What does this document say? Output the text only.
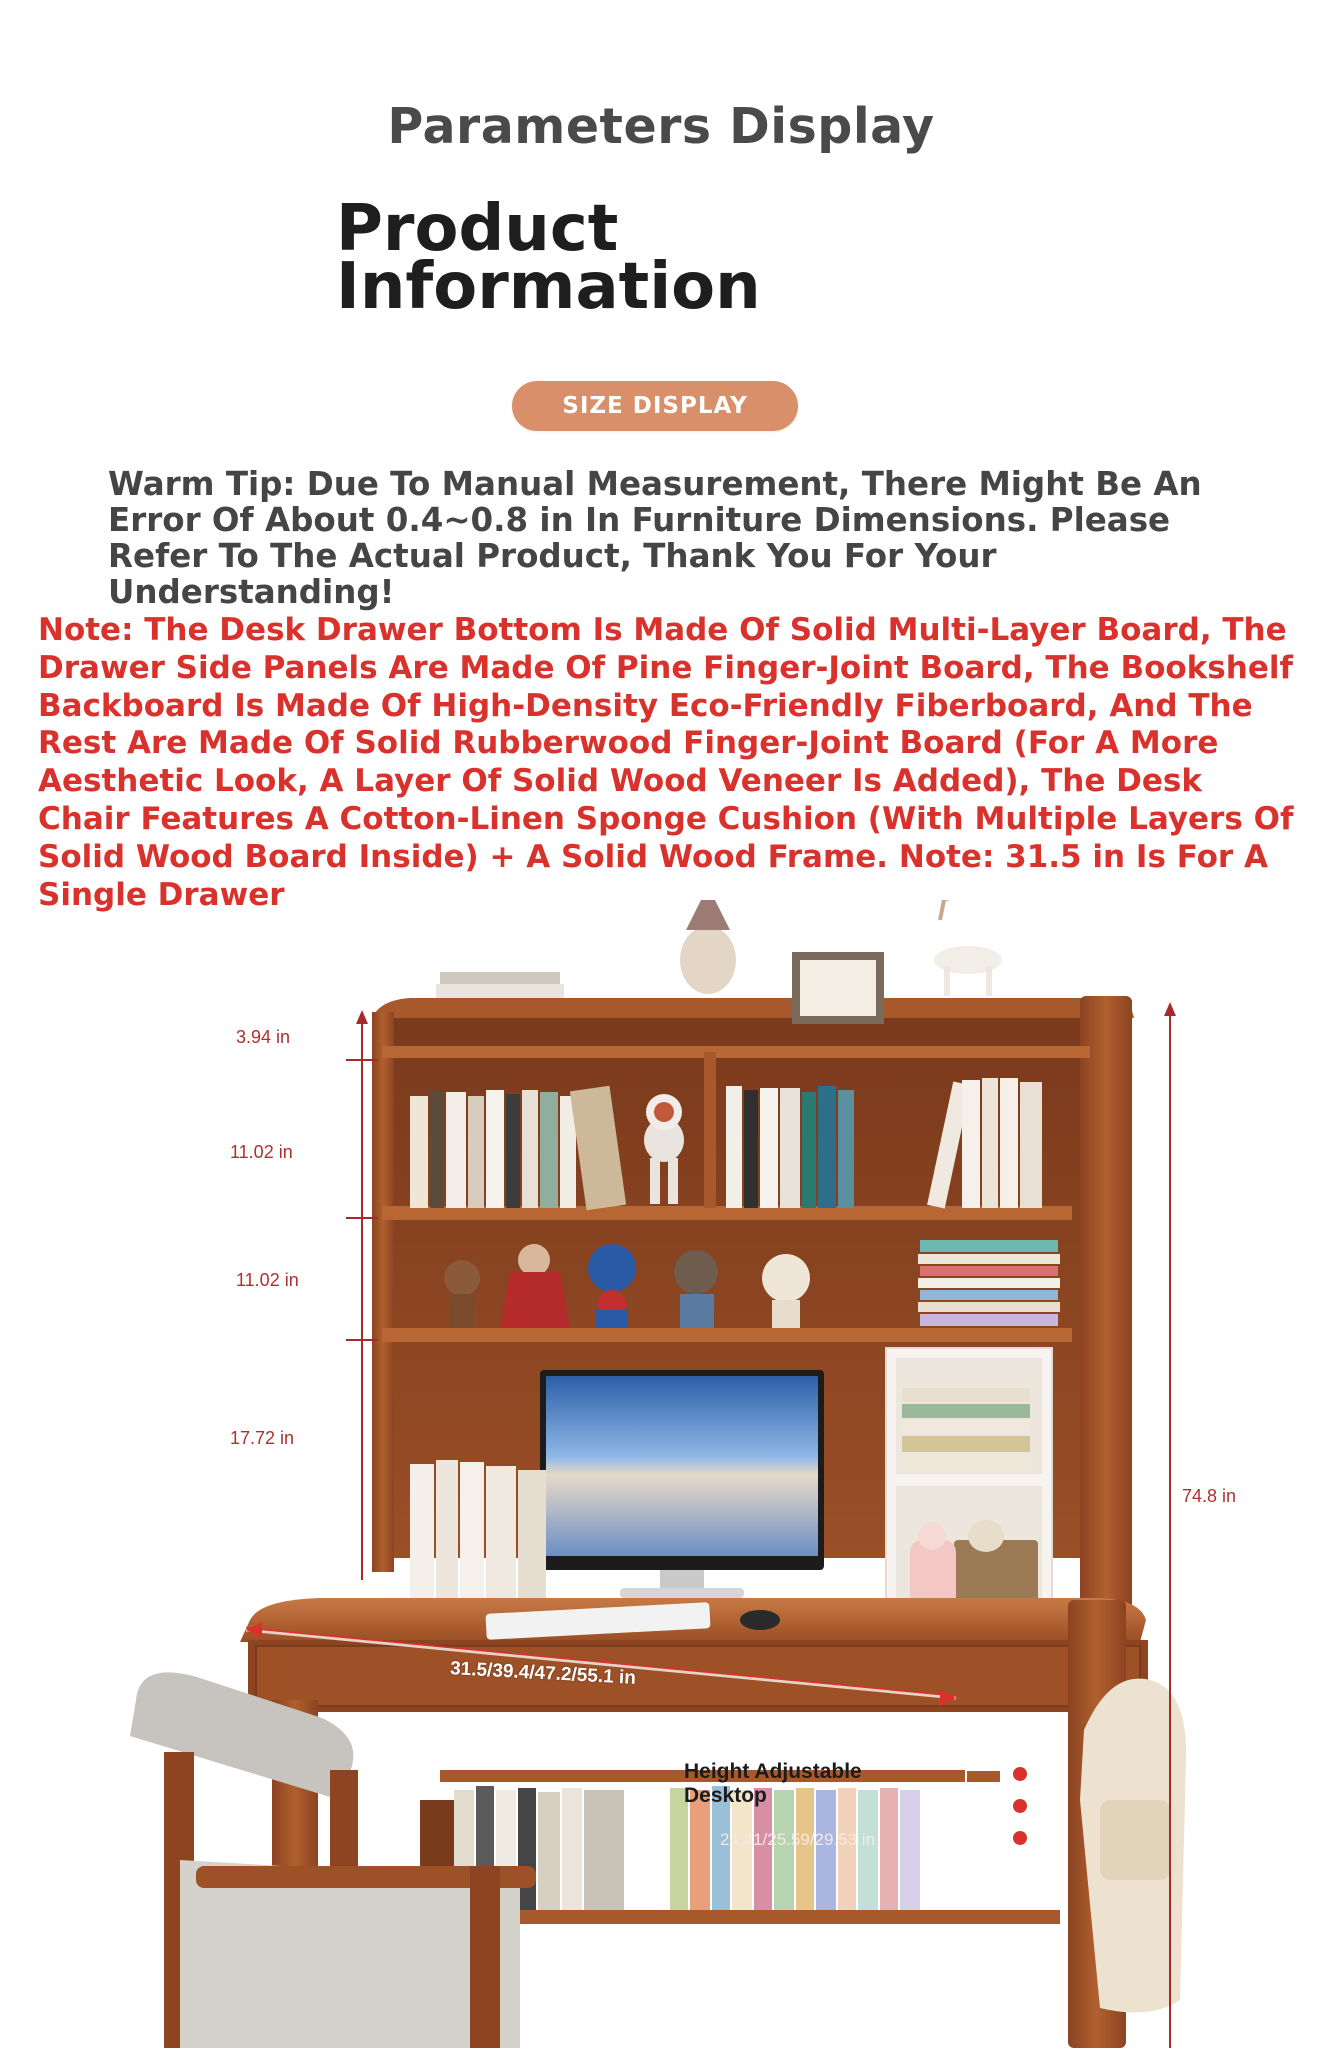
Parameters Display
Product
Information
SIZE DISPLAY
Warm Tip: Due To Manual Measurement, There Might Be An Error Of About 0.4~0.8 in In Furniture Dimensions. Please Refer To The Actual Product, Thank You For Your Understanding!
Note: The Desk Drawer Bottom Is Made Of Solid Multi-Layer Board, The Drawer Side Panels Are Made Of Pine Finger-Joint Board, The Bookshelf Backboard Is Made Of High-Density Eco-Friendly Fiberboard, And The Rest Are Made Of Solid Rubberwood Finger-Joint Board (For A More Aesthetic Look, A Layer Of Solid Wood Veneer Is Added), The Desk Chair Features A Cotton-Linen Sponge Cushion (With Multiple Layers Of Solid Wood Board Inside) + A Solid Wood Frame. Note: 31.5 in Is For A Single Drawer
3.94 in
11.02 in
11.02 in
17.72 in
74.8 in
31.5/39.4/47.2/55.1 in
Height Adjustable
Desktop
24.41/25.59/29.53 in
